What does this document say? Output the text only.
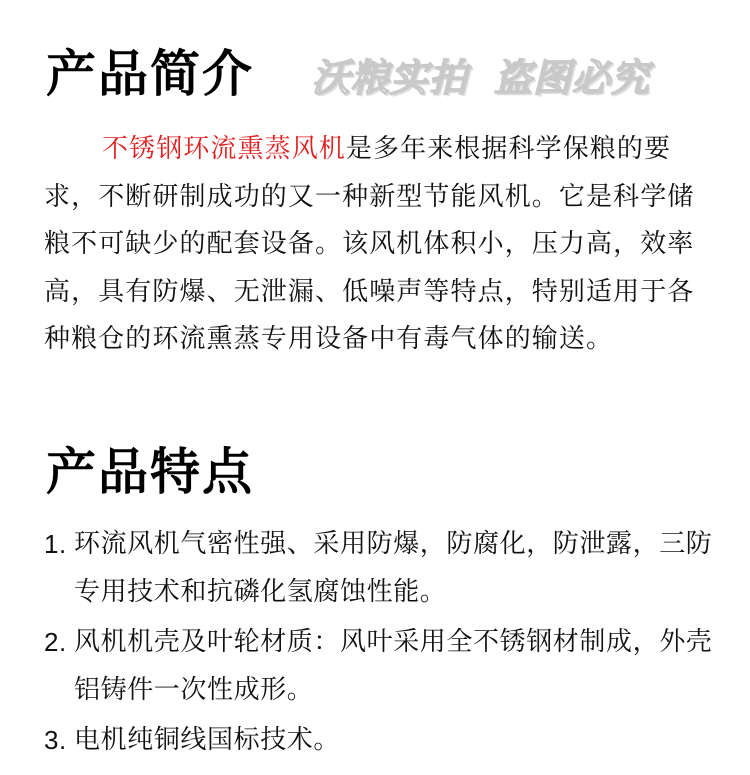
产品简介 沃粮实拍 盗图必究

不锈钢环流熏蒸风机是多年来根据科学保粮的要求，不断研制成功的又一种新型节能风机。它是科学储粮不可缺少的配套设备。该风机体积小，压力高，效率高，具有防爆、无泄漏、低噪声等特点，特别适用于各种粮仓的环流熏蒸专用设备中有毒气体的输送。

产品特点
1. 环流风机气密性强、采用防爆，防腐化，防泄露，三防专用技术和抗磷化氢腐蚀性能。
2. 风机机壳及叶轮材质：风叶采用全不锈钢材制成，外壳铝铸件一次性成形。
3. 电机纯铜线国标技术。
